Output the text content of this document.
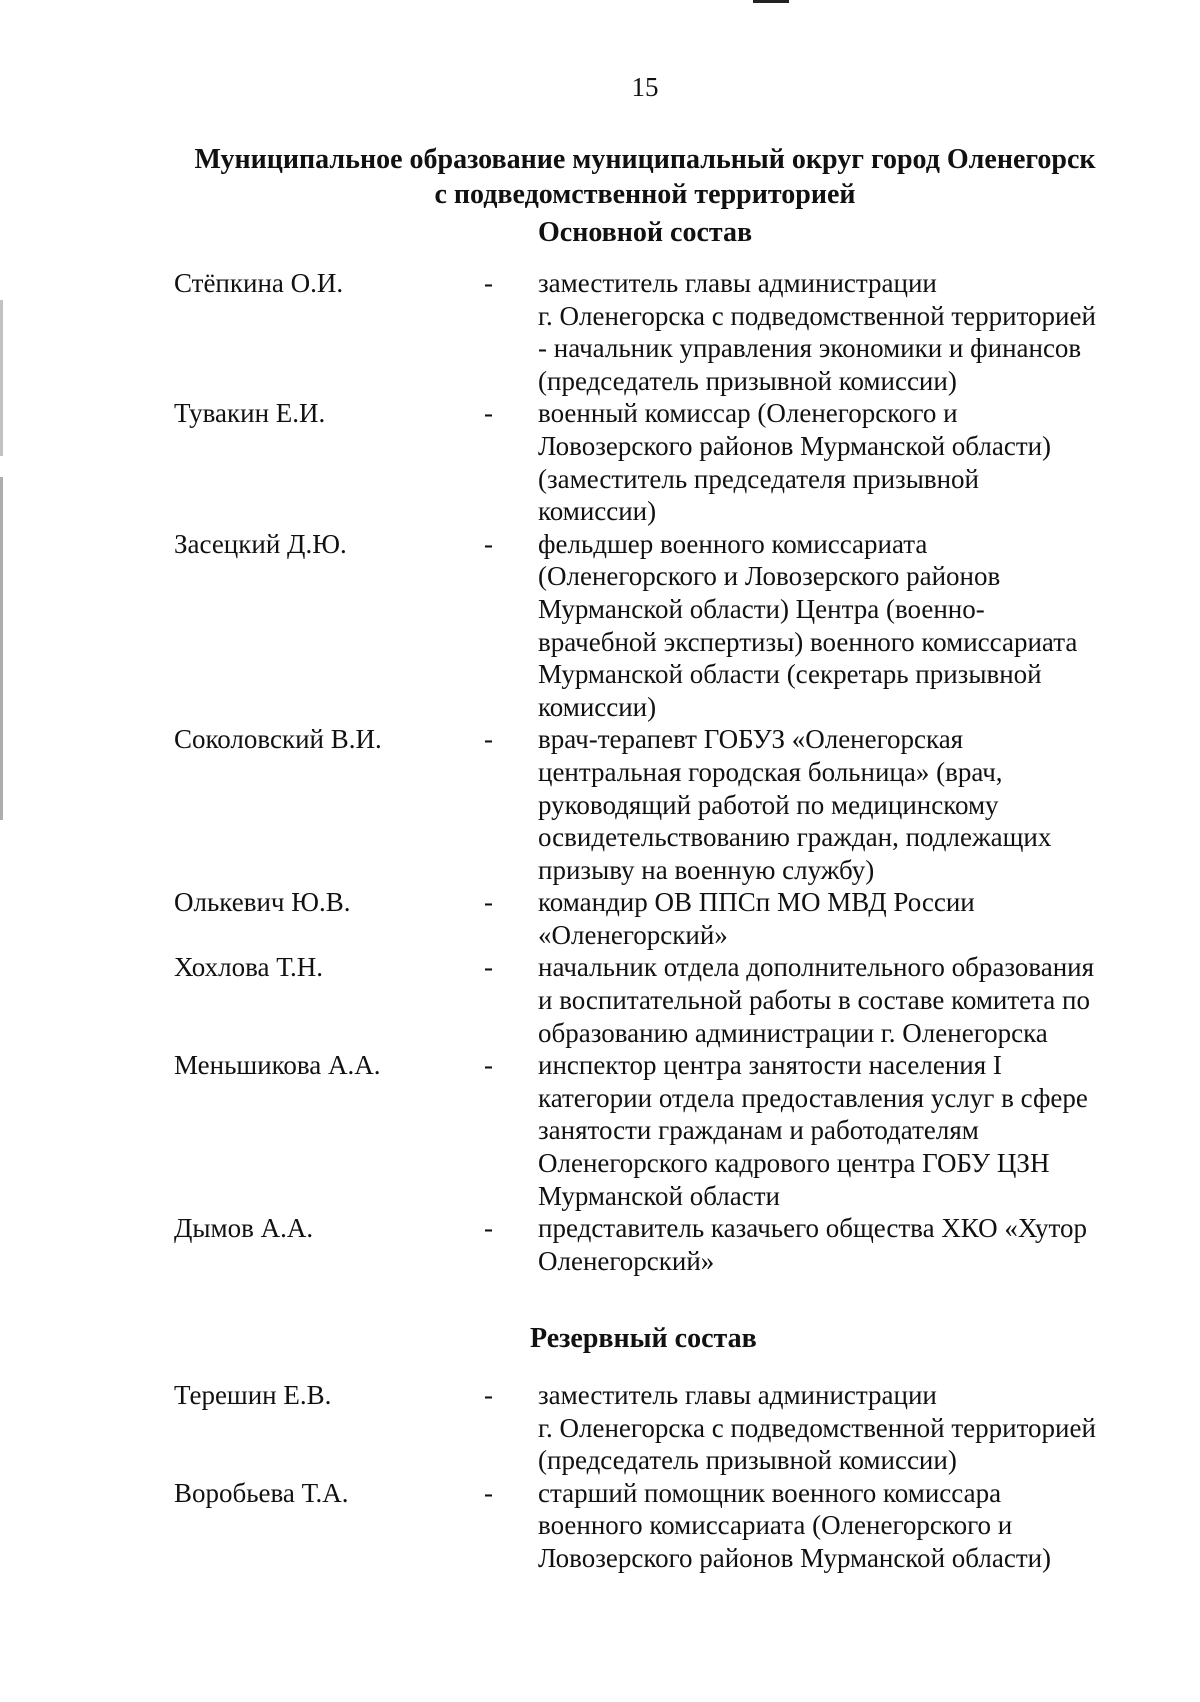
15
Муниципальное образование муниципальный округ город Оленегорск
с подведомственной территорией
Основной состав
Стёпкина О.И.	-	заместитель главы администрации
г. Оленегорска с подведомственной территорией
- начальник управления экономики и финансов
(председатель призывной комиссии)
Тувакин Е.И.	-	военный комиссар (Оленегорского и
Ловозерского районов Мурманской области)
(заместитель председателя призывной
комиссии)
Засецкий Д.Ю.	-	фельдшер военного комиссариата
(Оленегорского и Ловозерского районов
Мурманской области) Центра (военно-
врачебной экспертизы) военного комиссариата
Мурманской области (секретарь призывной
комиссии)
Соколовский В.И.	-	врач-терапевт ГОБУЗ «Оленегорская
центральная городская больница» (врач,
руководящий работой по медицинскому
освидетельствованию граждан, подлежащих
призыву на военную службу)
Олькевич Ю.В.	-	командир ОВ ППСп МО МВД России
«Оленегорский»
Хохлова Т.Н.	-	начальник отдела дополнительного образования
и воспитательной работы в составе комитета по
образованию администрации г. Оленегорска
Меньшикова А.А.	-	инспектор центра занятости населения I
категории отдела предоставления услуг в сфере
занятости гражданам и работодателям
Оленегорского кадрового центра ГОБУ ЦЗН
Мурманской области
Дымов А.А.	-	представитель казачьего общества ХКО «Хутор
Оленегорский»
Резервный состав
Терешин Е.В.	-	заместитель главы администрации
г. Оленегорска с подведомственной территорией
(председатель призывной комиссии)
Воробьева Т.А.	-	старший помощник военного комиссара
военного комиссариата (Оленегорского и
Ловозерского районов Мурманской области)
